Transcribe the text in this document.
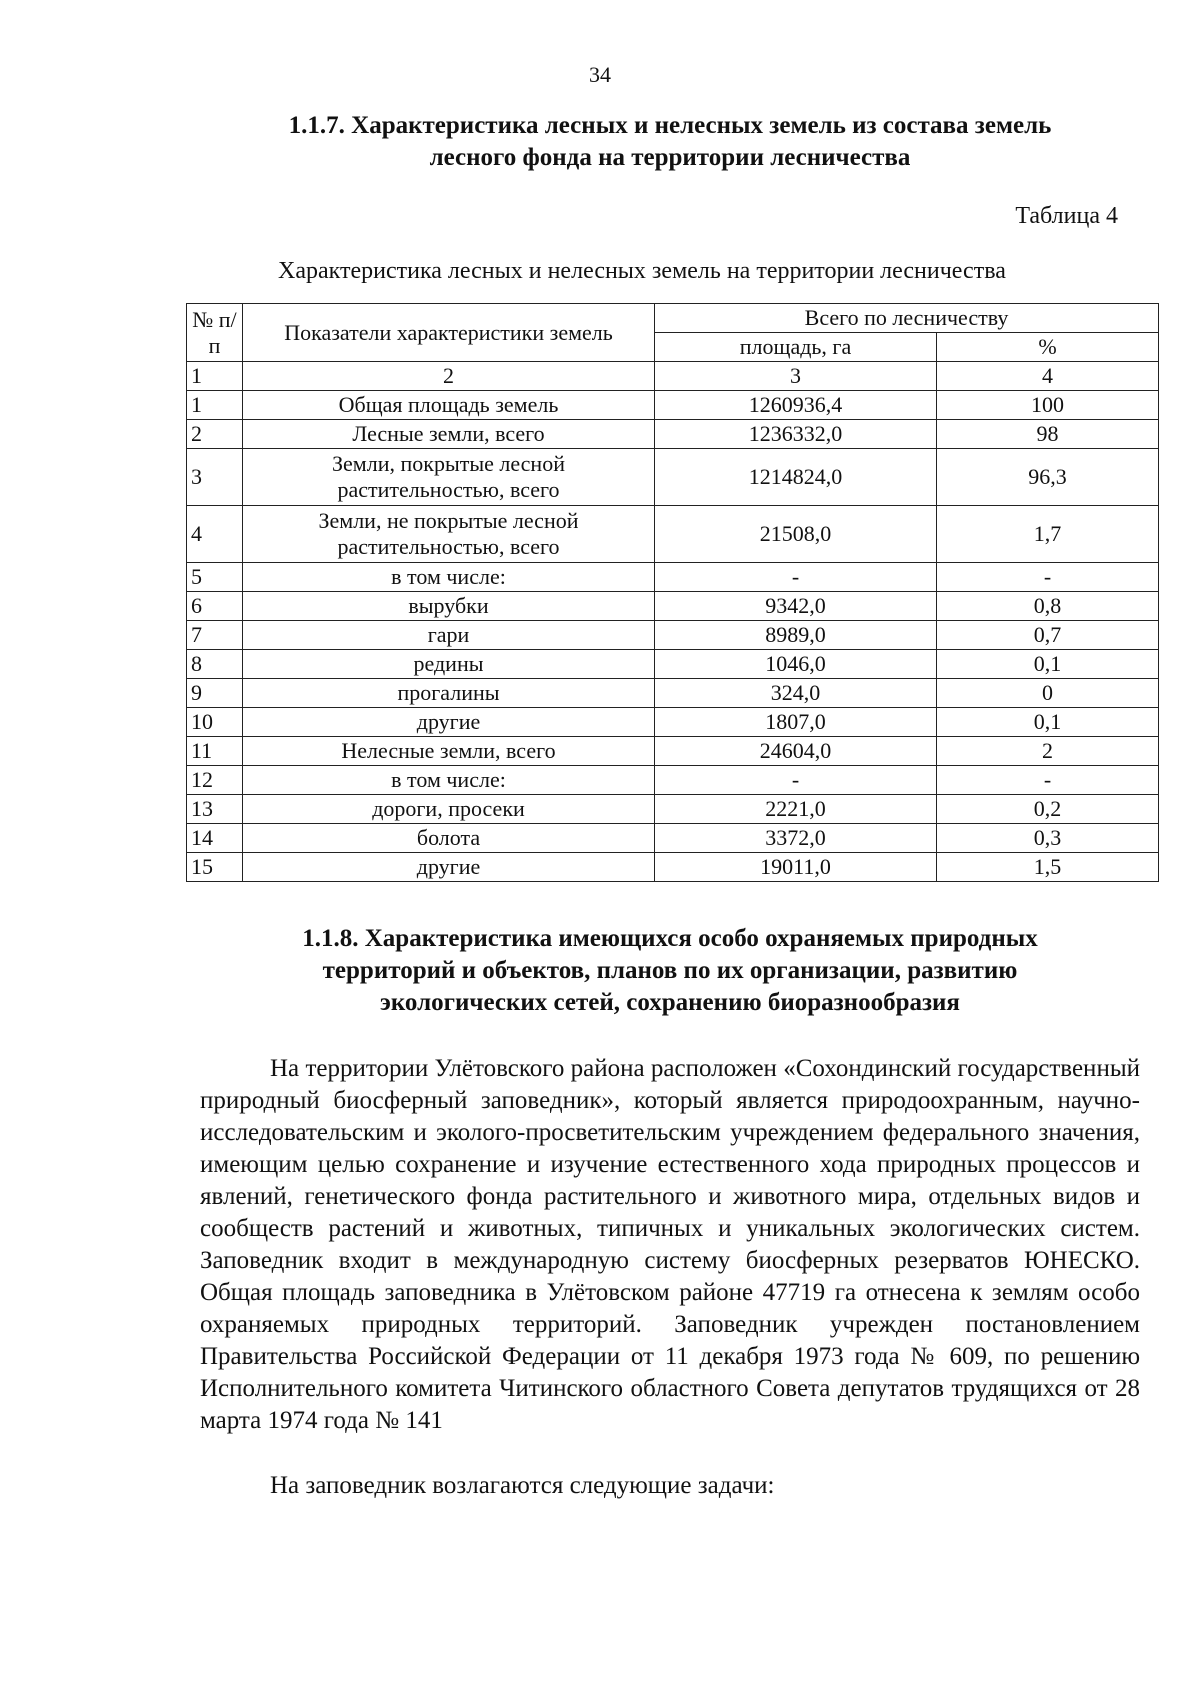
34
1.1.7. Характеристика лесных и нелесных земель из состава земель
лесного фонда на территории лесничества
Таблица 4
Характеристика лесных и нелесных земель на территории лесничества
№ п/п	Показатели характеристики земель	Всего по лесничеству	
		площадь, га	%
1	2	3	4
1	Общая площадь земель	1260936,4	100
2	Лесные земли, всего	1236332,0	98
3	Земли, покрытые лесной растительностью, всего	1214824,0	96,3
4	Земли, не покрытые лесной растительностью, всего	21508,0	1,7
5	в том числе:	-	-
6	вырубки	9342,0	0,8
7	гари	8989,0	0,7
8	редины	1046,0	0,1
9	прогалины	324,0	0
10	другие	1807,0	0,1
11	Нелесные земли, всего	24604,0	2
12	в том числе:	-	-
13	дороги, просеки	2221,0	0,2
14	болота	3372,0	0,3
15	другие	19011,0	1,5
1.1.8. Характеристика имеющихся особо охраняемых природных
территорий и объектов, планов по их организации, развитию
экологических сетей, сохранению биоразнообразия
На территории Улётовского района расположен «Сохондинский государственный природный биосферный заповедник», который является природоохранным, научно-исследовательским и эколого-просветительским учреждением федерального значения, имеющим целью сохранение и изучение естественного хода природных процессов и явлений, генетического фонда растительного и животного мира, отдельных видов и сообществ растений и животных, типичных и уникальных экологических систем. Заповедник входит в международную систему биосферных резерватов ЮНЕСКО. Общая площадь заповедника в Улётовском районе 47719 га отнесена к землям особо охраняемых природных территорий. Заповедник учрежден постановлением Правительства Российской Федерации от 11 декабря 1973 года № 609, по решению Исполнительного комитета Читинского областного Совета депутатов трудящихся от 28 марта 1974 года № 141
На заповедник возлагаются следующие задачи:
